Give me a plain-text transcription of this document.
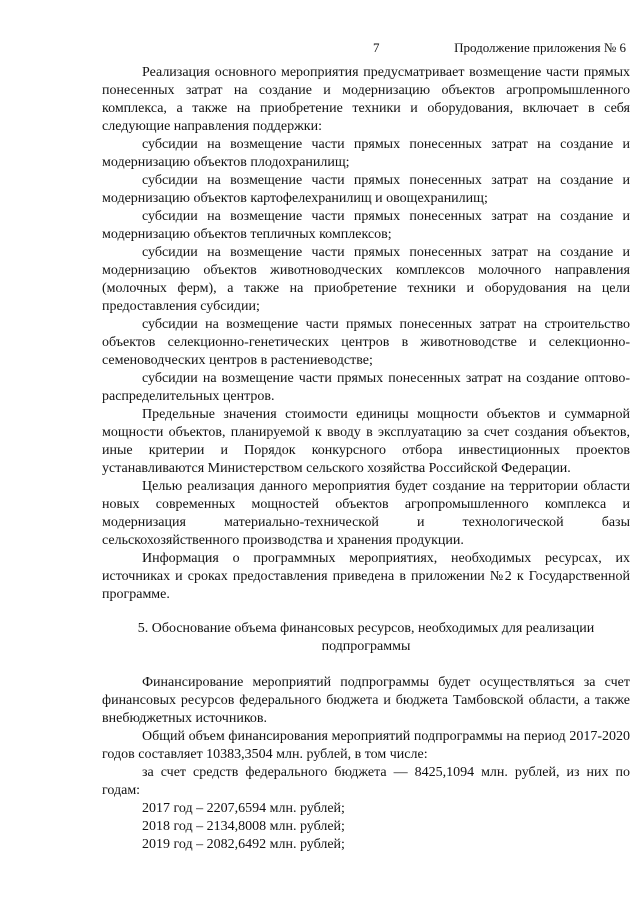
7	Продолжение приложения № 6

Реализация основного мероприятия предусматривает возмещение части прямых понесенных затрат на создание и модернизацию объектов агропромышленного комплекса, а также на приобретение техники и оборудования, включает в себя следующие направления поддержки:

субсидии на возмещение части прямых понесенных затрат на создание и модернизацию объектов плодохранилищ;

субсидии на возмещение части прямых понесенных затрат на создание и модернизацию объектов картофелехранилищ и овощехранилищ;

субсидии на возмещение части прямых понесенных затрат на создание и модернизацию объектов тепличных комплексов;

субсидии на возмещение части прямых понесенных затрат на создание и модернизацию объектов животноводческих комплексов молочного направления (молочных ферм), а также на приобретение техники и оборудования на цели предоставления субсидии;

субсидии на возмещение части прямых понесенных затрат на строительство объектов селекционно-генетических центров в животноводстве и селекционно-семеноводческих центров в растениеводстве;

субсидии на возмещение части прямых понесенных затрат на создание оптово-распределительных центров.

Предельные значения стоимости единицы мощности объектов и суммарной мощности объектов, планируемой к вводу в эксплуатацию за счет создания объектов, иные критерии и Порядок конкурсного отбора инвестиционных проектов устанавливаются Министерством сельского хозяйства Российской Федерации.

Целью реализация данного мероприятия будет создание на территории области новых современных мощностей объектов агропромышленного комплекса и модернизация материально-технической и технологической базы сельскохозяйственного производства и хранения продукции.

Информация о программных мероприятиях, необходимых ресурсах, их источниках и сроках предоставления приведена в приложении №2 к Государственной программе.

5. Обоснование объема финансовых ресурсов, необходимых для реализации подпрограммы

Финансирование мероприятий подпрограммы будет осуществляться за счет финансовых ресурсов федерального бюджета и бюджета Тамбовской области, а также внебюджетных источников.

Общий объем финансирования мероприятий подпрограммы на период 2017-2020 годов составляет 10383,3504 млн. рублей, в том числе:

за счет средств федерального бюджета — 8425,1094 млн. рублей, из них по годам:

2017 год – 2207,6594 млн. рублей;

2018 год – 2134,8008 млн. рублей;

2019 год – 2082,6492 млн. рублей;
